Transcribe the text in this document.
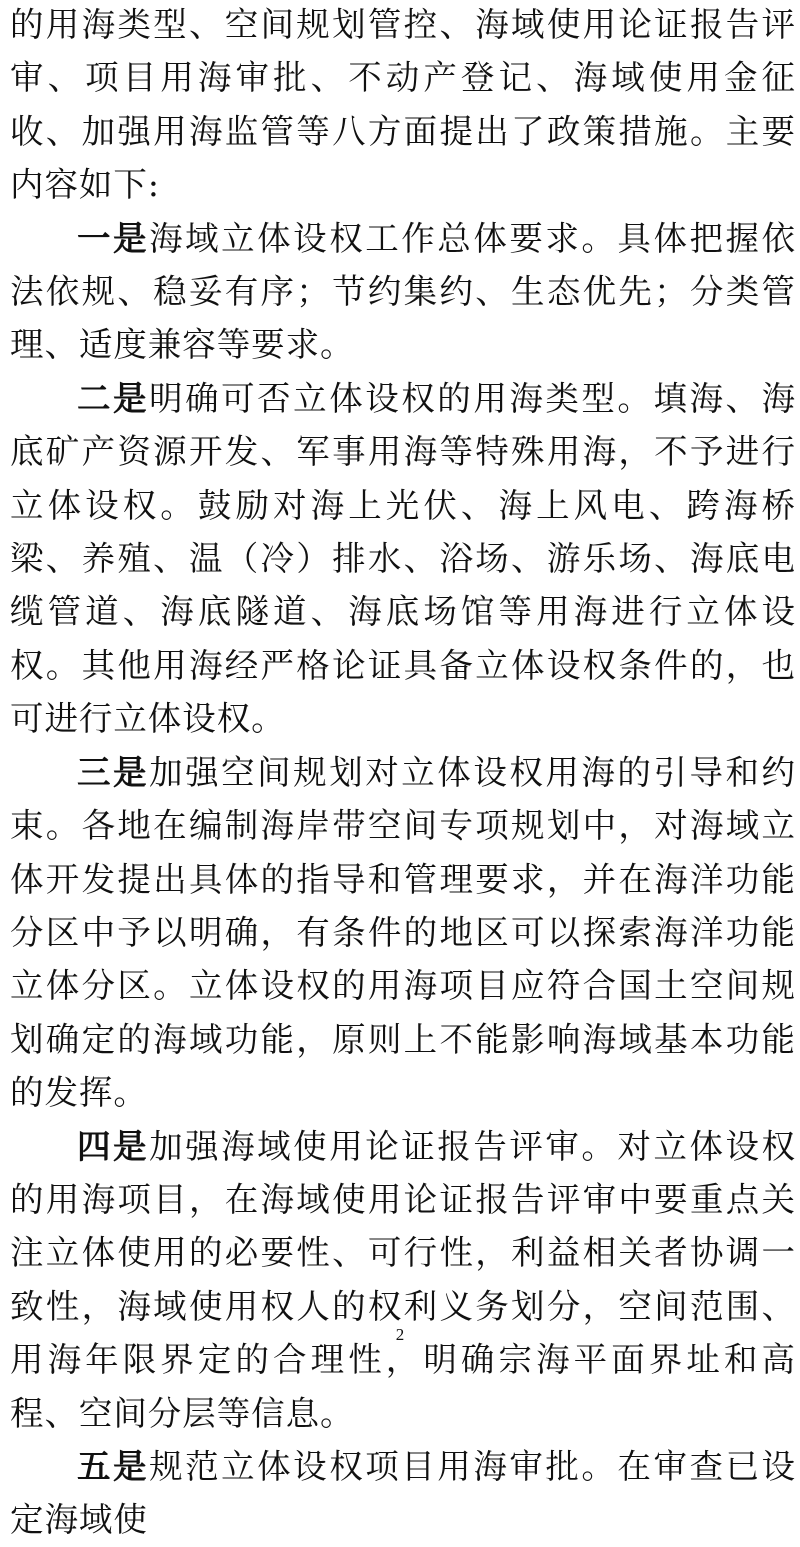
的用海类型、空间规划管控、海域使用论证报告评审、项目用海审批、不动产登记、海域使用金征收、加强用海监管等八方面提出了政策措施。主要内容如下:

一是海域立体设权工作总体要求。具体把握依法依规、稳妥有序；节约集约、生态优先；分类管理、适度兼容等要求。

二是明确可否立体设权的用海类型。填海、海底矿产资源开发、军事用海等特殊用海，不予进行立体设权。鼓励对海上光伏、海上风电、跨海桥梁、养殖、温（冷）排水、浴场、游乐场、海底电缆管道、海底隧道、海底场馆等用海进行立体设权。其他用海经严格论证具备立体设权条件的，也可进行立体设权。

三是加强空间规划对立体设权用海的引导和约束。各地在编制海岸带空间专项规划中，对海域立体开发提出具体的指导和管理要求，并在海洋功能分区中予以明确，有条件的地区可以探索海洋功能立体分区。立体设权的用海项目应符合国土空间规划确定的海域功能，原则上不能影响海域基本功能的发挥。

四是加强海域使用论证报告评审。对立体设权的用海项目，在海域使用论证报告评审中要重点关注立体使用的必要性、可行性，利益相关者协调一致性，海域使用权人的权利义务划分，空间范围、用海年限界定的合理性，明确宗海平面界址和高程、空间分层等信息。

五是规范立体设权项目用海审批。在审查已设定海域使

2
